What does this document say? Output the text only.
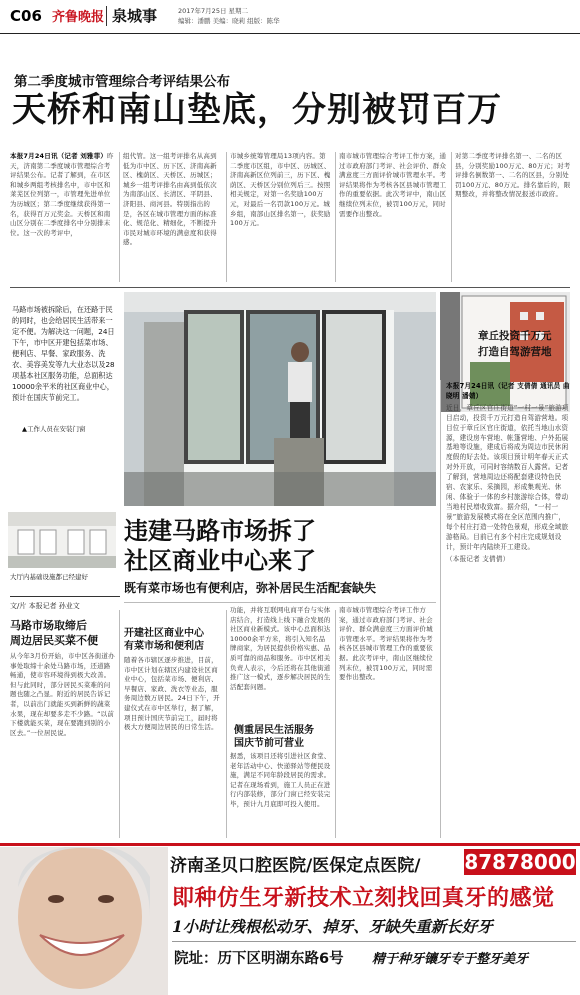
C06 齐鲁晚报 泉城事	2017年7月25日 星期二
编辑：潘鹏 美编：晓莉 组版：陈华
第二季度城市管理综合考评结果公布
天桥和南山垫底，分别被罚百万
本报7月24日讯（记者 刘雅菲）昨天，济南第二季度城市管理综合考评结果公布。记者了解到，在市区和城乡两组考核排名中，市中区和莱芜区位列第一，市管理先进单位为历城区；第二季度继续获得第一名，获得百万元奖金。天桥区和南山区分别在二季度排名中分别排末位。这一次的考评中，
组代管。这一组考评排名从高到低为市中区、历下区、济南高新区、槐荫区、天桥区、历城区；城乡一组考评排名由高到低依次为南部山区、长清区、平阴县、济阳县、商河县。特别指出的是，各区在城市管理方面的标准化、规范化、精细化，不断提升市民对城市环境的满意度和获得感。
市城乡统筹管理局13项内容。第二季度市区组，市中区、历城区、济南高新区位列前三，历下区、槐荫区、天桥区分别位列后三。按照相关规定，对第一名奖励100万元，对最后一名罚款100万元。城乡组，南部山区排名第一，获奖励100万元。
南市城市管理综合考评工作方案，通过市政府部门考评、社会评价、群众满意度三方面评价城市管理水平。考评结果将作为考核各区县城市管理工作的重要依据。此次考评中，南山区继续位列末位，被罚100万元，同时需要作出整改。
对第二季度考评排名第一、二名的区县，分别奖励100万元、80万元；对考评排名倒数第一、二名的区县，分别处罚100万元、80万元。排名靠后的，限期整改，并将整改情况报送市政府。
马路市场被拆除后，在还路于民的同时，也会给居民生活带来一定不便。为解决这一问题，24日下午，市中区开建包括菜市场、便利店、早餐、家政服务、洗衣、美容美发等九大业态以及28项基本社区服务功能，总面积达10000余平米的社区商业中心，预计在国庆节前完工。
▲工作人员在安装门窗
章丘投资千万元
打造自驾游营地
本报7月24日讯（记者 支倩倩 通讯员 曲晓明 潘婧）
近日，章丘区官庄街道“一村一景”旅游项目启动，投资千万元打造自驾游营地。项目位于章丘区官庄街道，依托当地山水资源，建设房车营地、帐篷营地、户外拓展基地等设施，建成后将成为周边市民休闲度假的好去处。该项目预计明年春天正式对外开放，可同时容纳数百人露营。记者了解到，营地周边还将配套建设特色民宿、农家乐、采摘园，形成集观光、休闲、体验于一体的乡村旅游综合体，带动当地村民增收致富。据介绍，“一村一景”旅游发展模式将在全区范围内推广，每个村庄打造一处特色景观，形成全域旅游格局。目前已有多个村庄完成规划设计，预计年内陆续开工建设。
（本报记者 支倩倩）
大厅内基础设施都已经建好
违建马路市场拆了
社区商业中心来了
既有菜市场也有便利店，弥补居民生活配套缺失
文/片 本报记者 孙业文
马路市场取缔后
周边居民买菜不便
从今年3月份开始，市中区各街道办事处取缔十余处马路市场，还道路畅通，使市容环境得到极大改善。但与此同时，部分居民买菜难的问题也随之凸显。附近的居民告诉记者，以前出门就能买到新鲜的蔬菜水果，现在却要多走不少路。“以前下楼就能买菜，现在要跑到别的小区去。”一位居民说。
开建社区商业中心
有菜市场和便利店
随着各市辖区逐步推进，目前，市中区计划在辖区内建设社区商业中心，包括菜市场、便利店、早餐店、家政、洗衣等业态，服务周边数万居民。24日下午，开建仪式在市中区举行，据了解，项目预计国庆节前完工，届时将极大方便周边居民的日常生活。
功能，并将互联网电商平台与实体店结合，打造线上线下融合发展的社区商业新模式。该中心总面积达10000余平方米，将引入知名品牌商家，为居民提供价格实惠、品质可靠的商品和服务。市中区相关负责人表示，今后还将在其他街道推广这一模式，逐步解决居民的生活配套问题。
侧重居民生活服务
国庆节前可营业
据悉，该项目还将引进社区食堂、老年活动中心、快递驿站等便民设施，满足不同年龄段居民的需求。记者在现场看到，施工人员正在进行内部装修，部分门窗已经安装完毕，预计九月底即可投入使用。
南市城市管理综合考评工作方案，通过市政府部门考评、社会评价、群众满意度三方面评价城市管理水平。考评结果将作为考核各区县城市管理工作的重要依据。此次考评中，南山区继续位列末位，被罚100万元，同时需要作出整改。
济南圣贝口腔医院/医保定点医院/ 87878000
即种仿生牙新技术立刻找回真牙的感觉
1小时让残根松动牙、掉牙、牙缺失重新长好牙
院址：历下区明湖东路6号 精于种牙镶牙专于整牙美牙
